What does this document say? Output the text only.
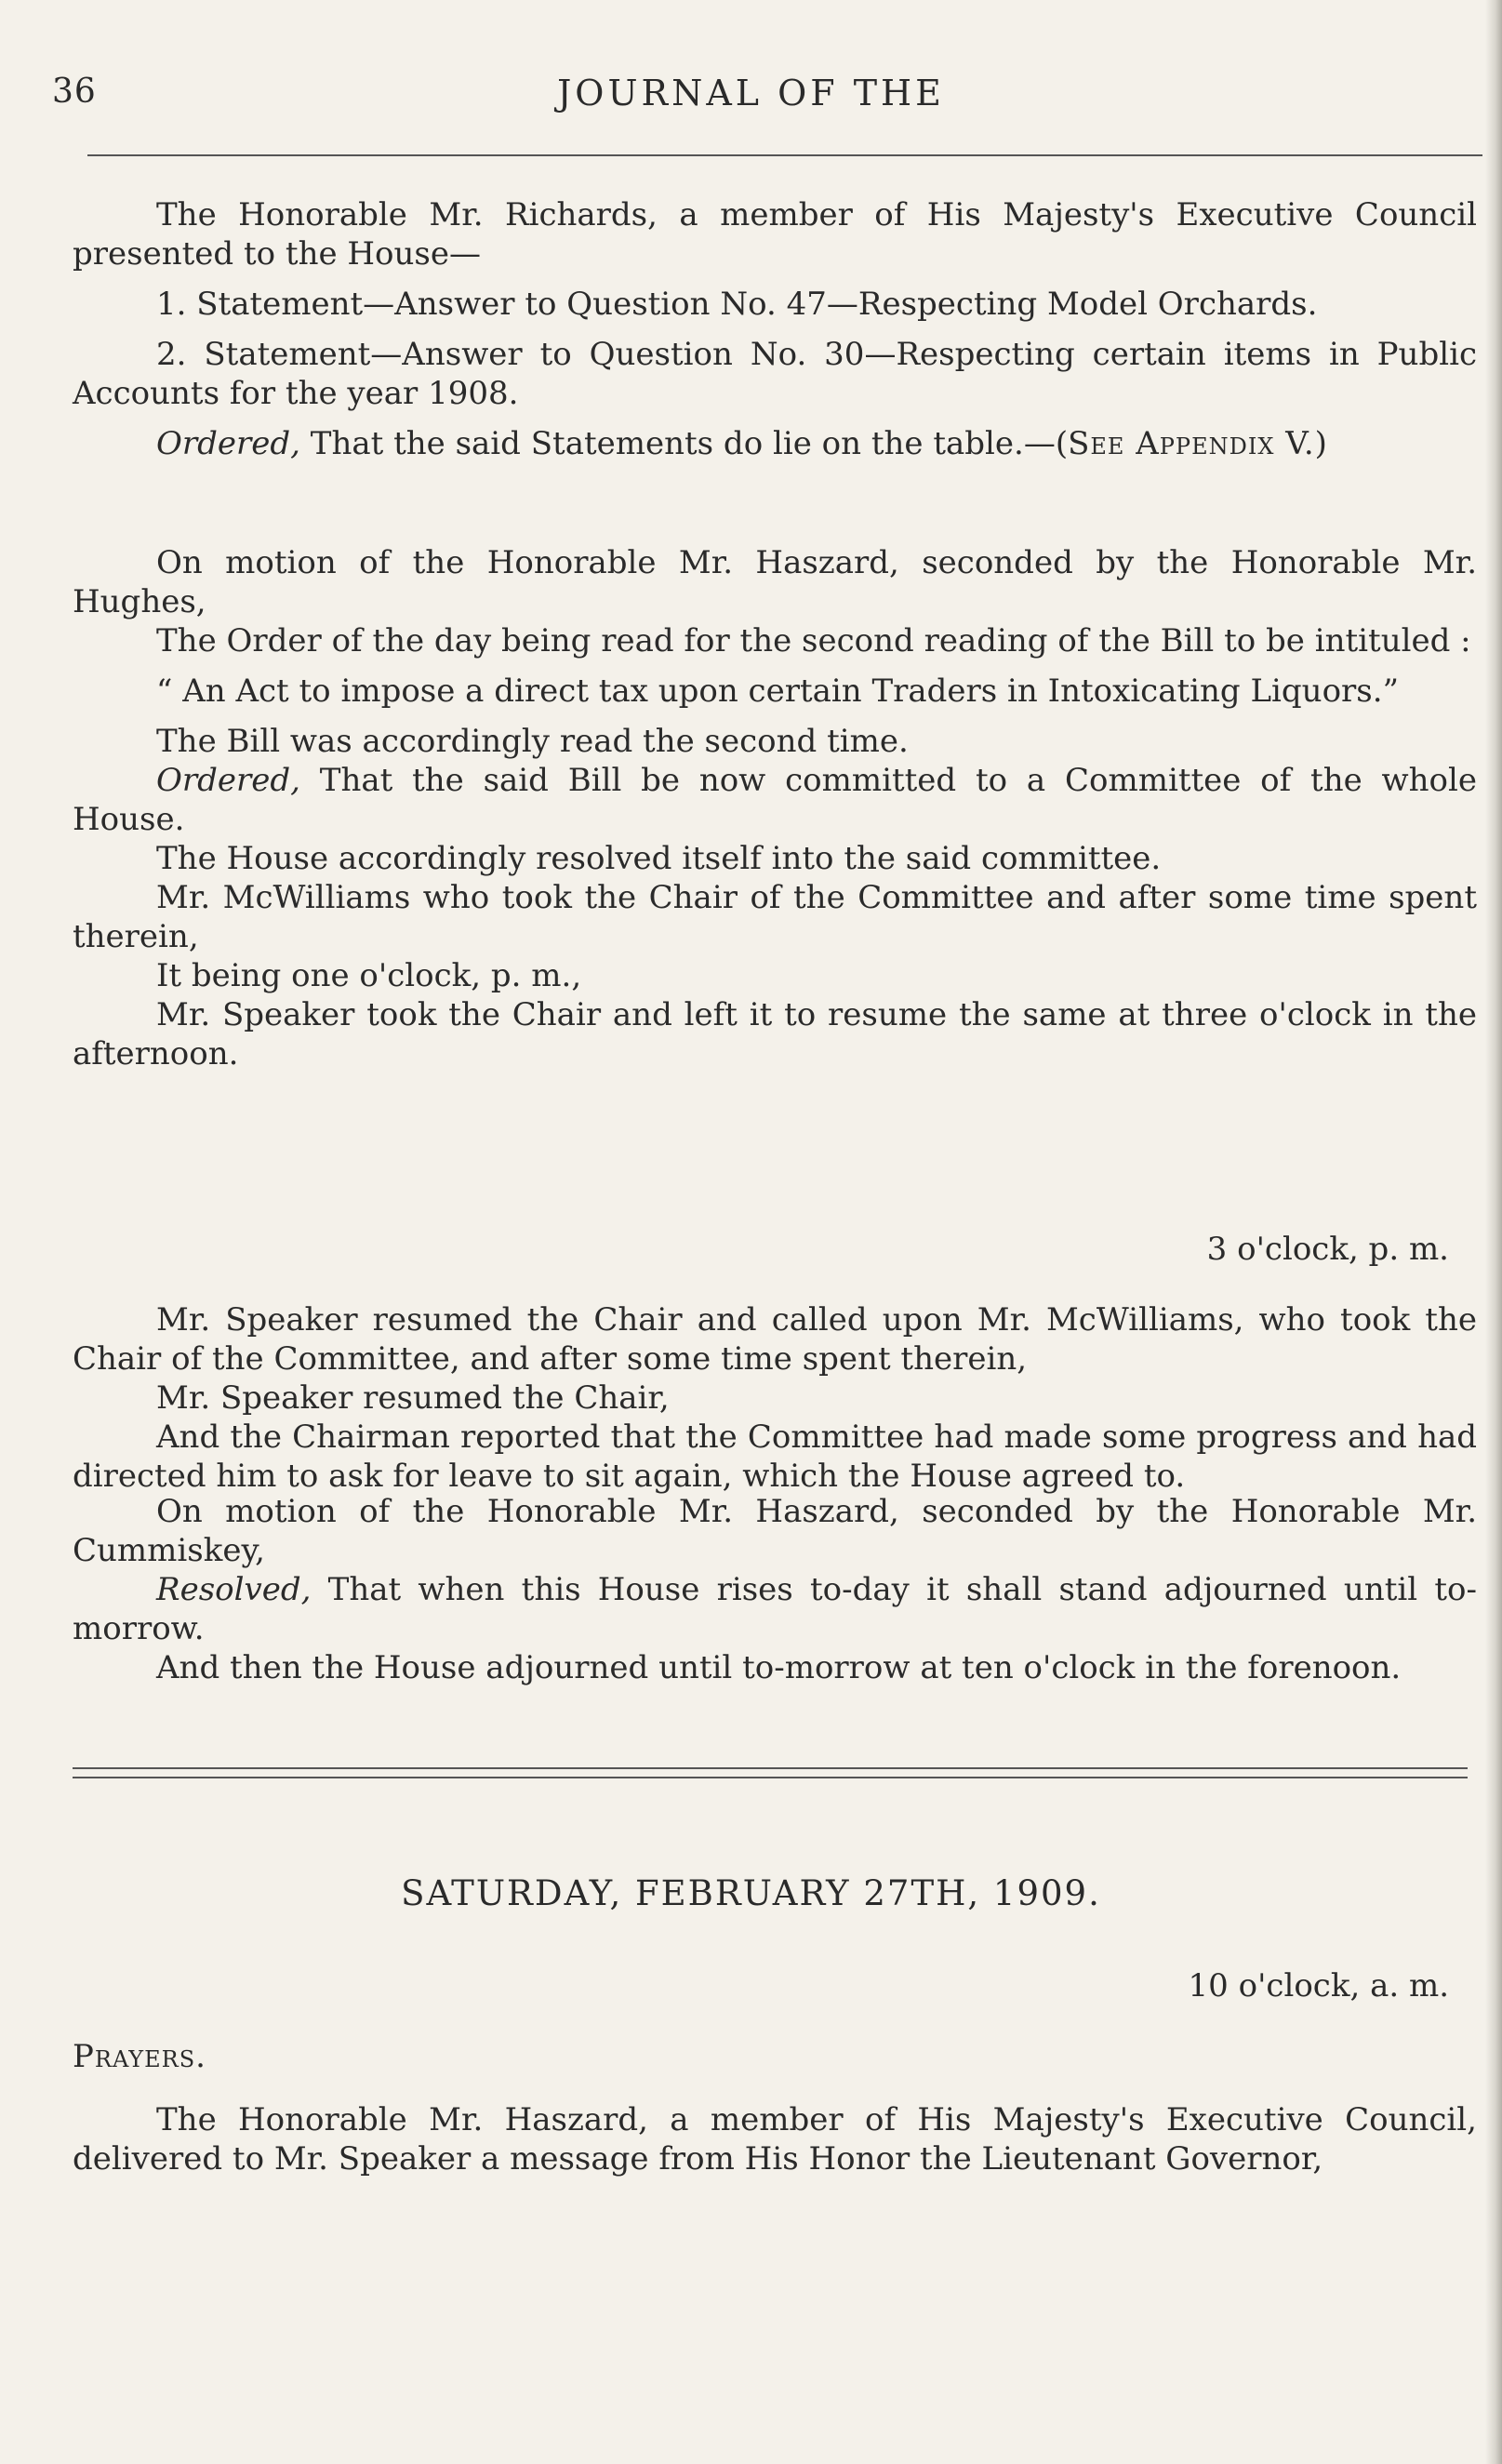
36	JOURNAL OF THE

The Honorable Mr. Richards, a member of His Majesty's Executive Council presented to the House—

1. Statement—Answer to Question No. 47—Respecting Model Orchards.

2. Statement—Answer to Question No. 30—Respecting certain items in Public Accounts for the year 1908.

Ordered, That the said Statements do lie on the table.—(See Appendix V.)

On motion of the Honorable Mr. Haszard, seconded by the Honorable Mr. Hughes,

The Order of the day being read for the second reading of the Bill to be intituled :

“ An Act to impose a direct tax upon certain Traders in Intoxicating Liquors.”

The Bill was accordingly read the second time.

Ordered, That the said Bill be now committed to a Committee of the whole House.

The House accordingly resolved itself into the said committee.

Mr. McWilliams who took the Chair of the Committee and after some time spent therein,

It being one o'clock, p. m.,

Mr. Speaker took the Chair and left it to resume the same at three o'clock in the afternoon.

3 o'clock, p. m.

Mr. Speaker resumed the Chair and called upon Mr. McWilliams, who took the Chair of the Committee, and after some time spent therein,

Mr. Speaker resumed the Chair,

And the Chairman reported that the Committee had made some progress and had directed him to ask for leave to sit again, which the House agreed to.

On motion of the Honorable Mr. Haszard, seconded by the Honorable Mr. Cummiskey,

Resolved, That when this House rises to-day it shall stand adjourned until to-morrow.

And then the House adjourned until to-morrow at ten o'clock in the forenoon.

SATURDAY, FEBRUARY 27TH, 1909.

10 o'clock, a. m.

Prayers.

The Honorable Mr. Haszard, a member of His Majesty's Executive Council, delivered to Mr. Speaker a message from His Honor the Lieutenant Governor,
